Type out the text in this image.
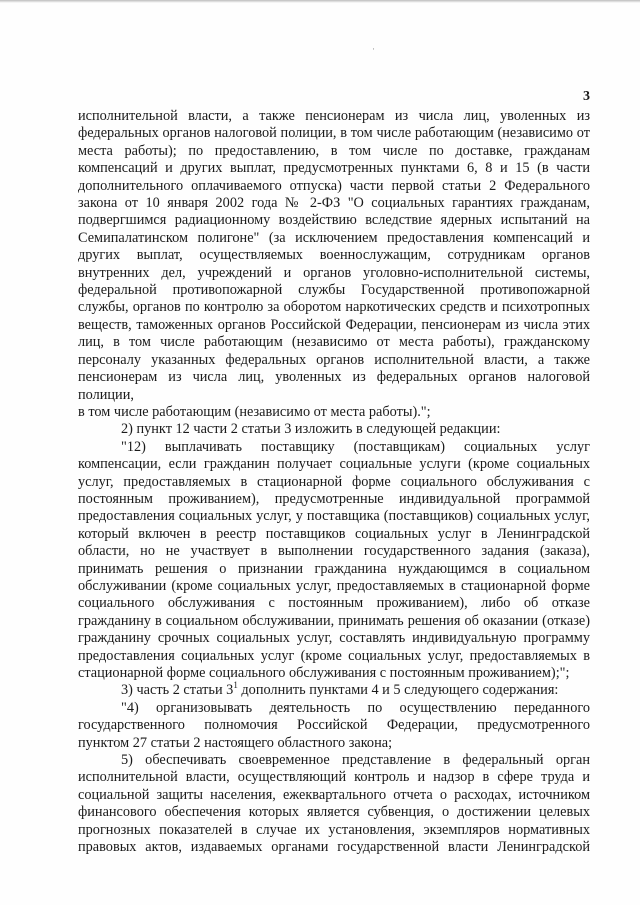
3
·

исполнительной власти, а также пенсионерам из числа лиц, уволенных из

федеральных органов налоговой полиции, в том числе работающим (независимо от

места работы); по предоставлению, в том числе по доставке, гражданам

компенсаций и других выплат, предусмотренных пунктами 6, 8 и 15 (в части

дополнительного оплачиваемого отпуска) части первой статьи 2 Федерального

закона от 10 января 2002 года № 2-ФЗ "О социальных гарантиях гражданам,

подвергшимся радиационному воздействию вследствие ядерных испытаний на

Семипалатинском полигоне" (за исключением предоставления компенсаций и

других выплат, осуществляемых военнослужащим, сотрудникам органов

внутренних дел, учреждений и органов уголовно-исполнительной системы,

федеральной противопожарной службы Государственной противопожарной

службы, органов по контролю за оборотом наркотических средств и психотропных

веществ, таможенных органов Российской Федерации, пенсионерам из числа этих

лиц, в том числе работающим (независимо от места работы), гражданскому

персоналу указанных федеральных органов исполнительной власти, а также

пенсионерам из числа лиц, уволенных из федеральных органов налоговой полиции,

в том числе работающим (независимо от места работы).";

2) пункт 12 части 2 статьи 3 изложить в следующей редакции:

"12) выплачивать поставщику (поставщикам) социальных услуг

компенсации, если гражданин получает социальные услуги (кроме социальных

услуг, предоставляемых в стационарной форме социального обслуживания с

постоянным проживанием), предусмотренные индивидуальной программой

предоставления социальных услуг, у поставщика (поставщиков) социальных услуг,

который включен в реестр поставщиков социальных услуг в Ленинградской

области, но не участвует в выполнении государственного задания (заказа),

принимать решения о признании гражданина нуждающимся в социальном

обслуживании (кроме социальных услуг, предоставляемых в стационарной форме

социального обслуживания с постоянным проживанием), либо об отказе

гражданину в социальном обслуживании, принимать решения об оказании (отказе)

гражданину срочных социальных услуг, составлять индивидуальную программу

предоставления социальных услуг (кроме социальных услуг, предоставляемых в

стационарной форме социального обслуживания с постоянным проживанием);";

3) часть 2 статьи $3^1$ дополнить пунктами 4 и 5 следующего содержания:

"4) организовывать деятельность по осуществлению переданного

государственного полномочия Российской Федерации, предусмотренного

пунктом 27 статьи 2 настоящего областного закона;

5) обеспечивать своевременное представление в федеральный орган

исполнительной власти, осуществляющий контроль и надзор в сфере труда и

социальной защиты населения, ежеквартального отчета о расходах, источником

финансового обеспечения которых является субвенция, о достижении целевых

прогнозных показателей в случае их установления, экземпляров нормативных

правовых актов, издаваемых органами государственной власти Ленинградской
